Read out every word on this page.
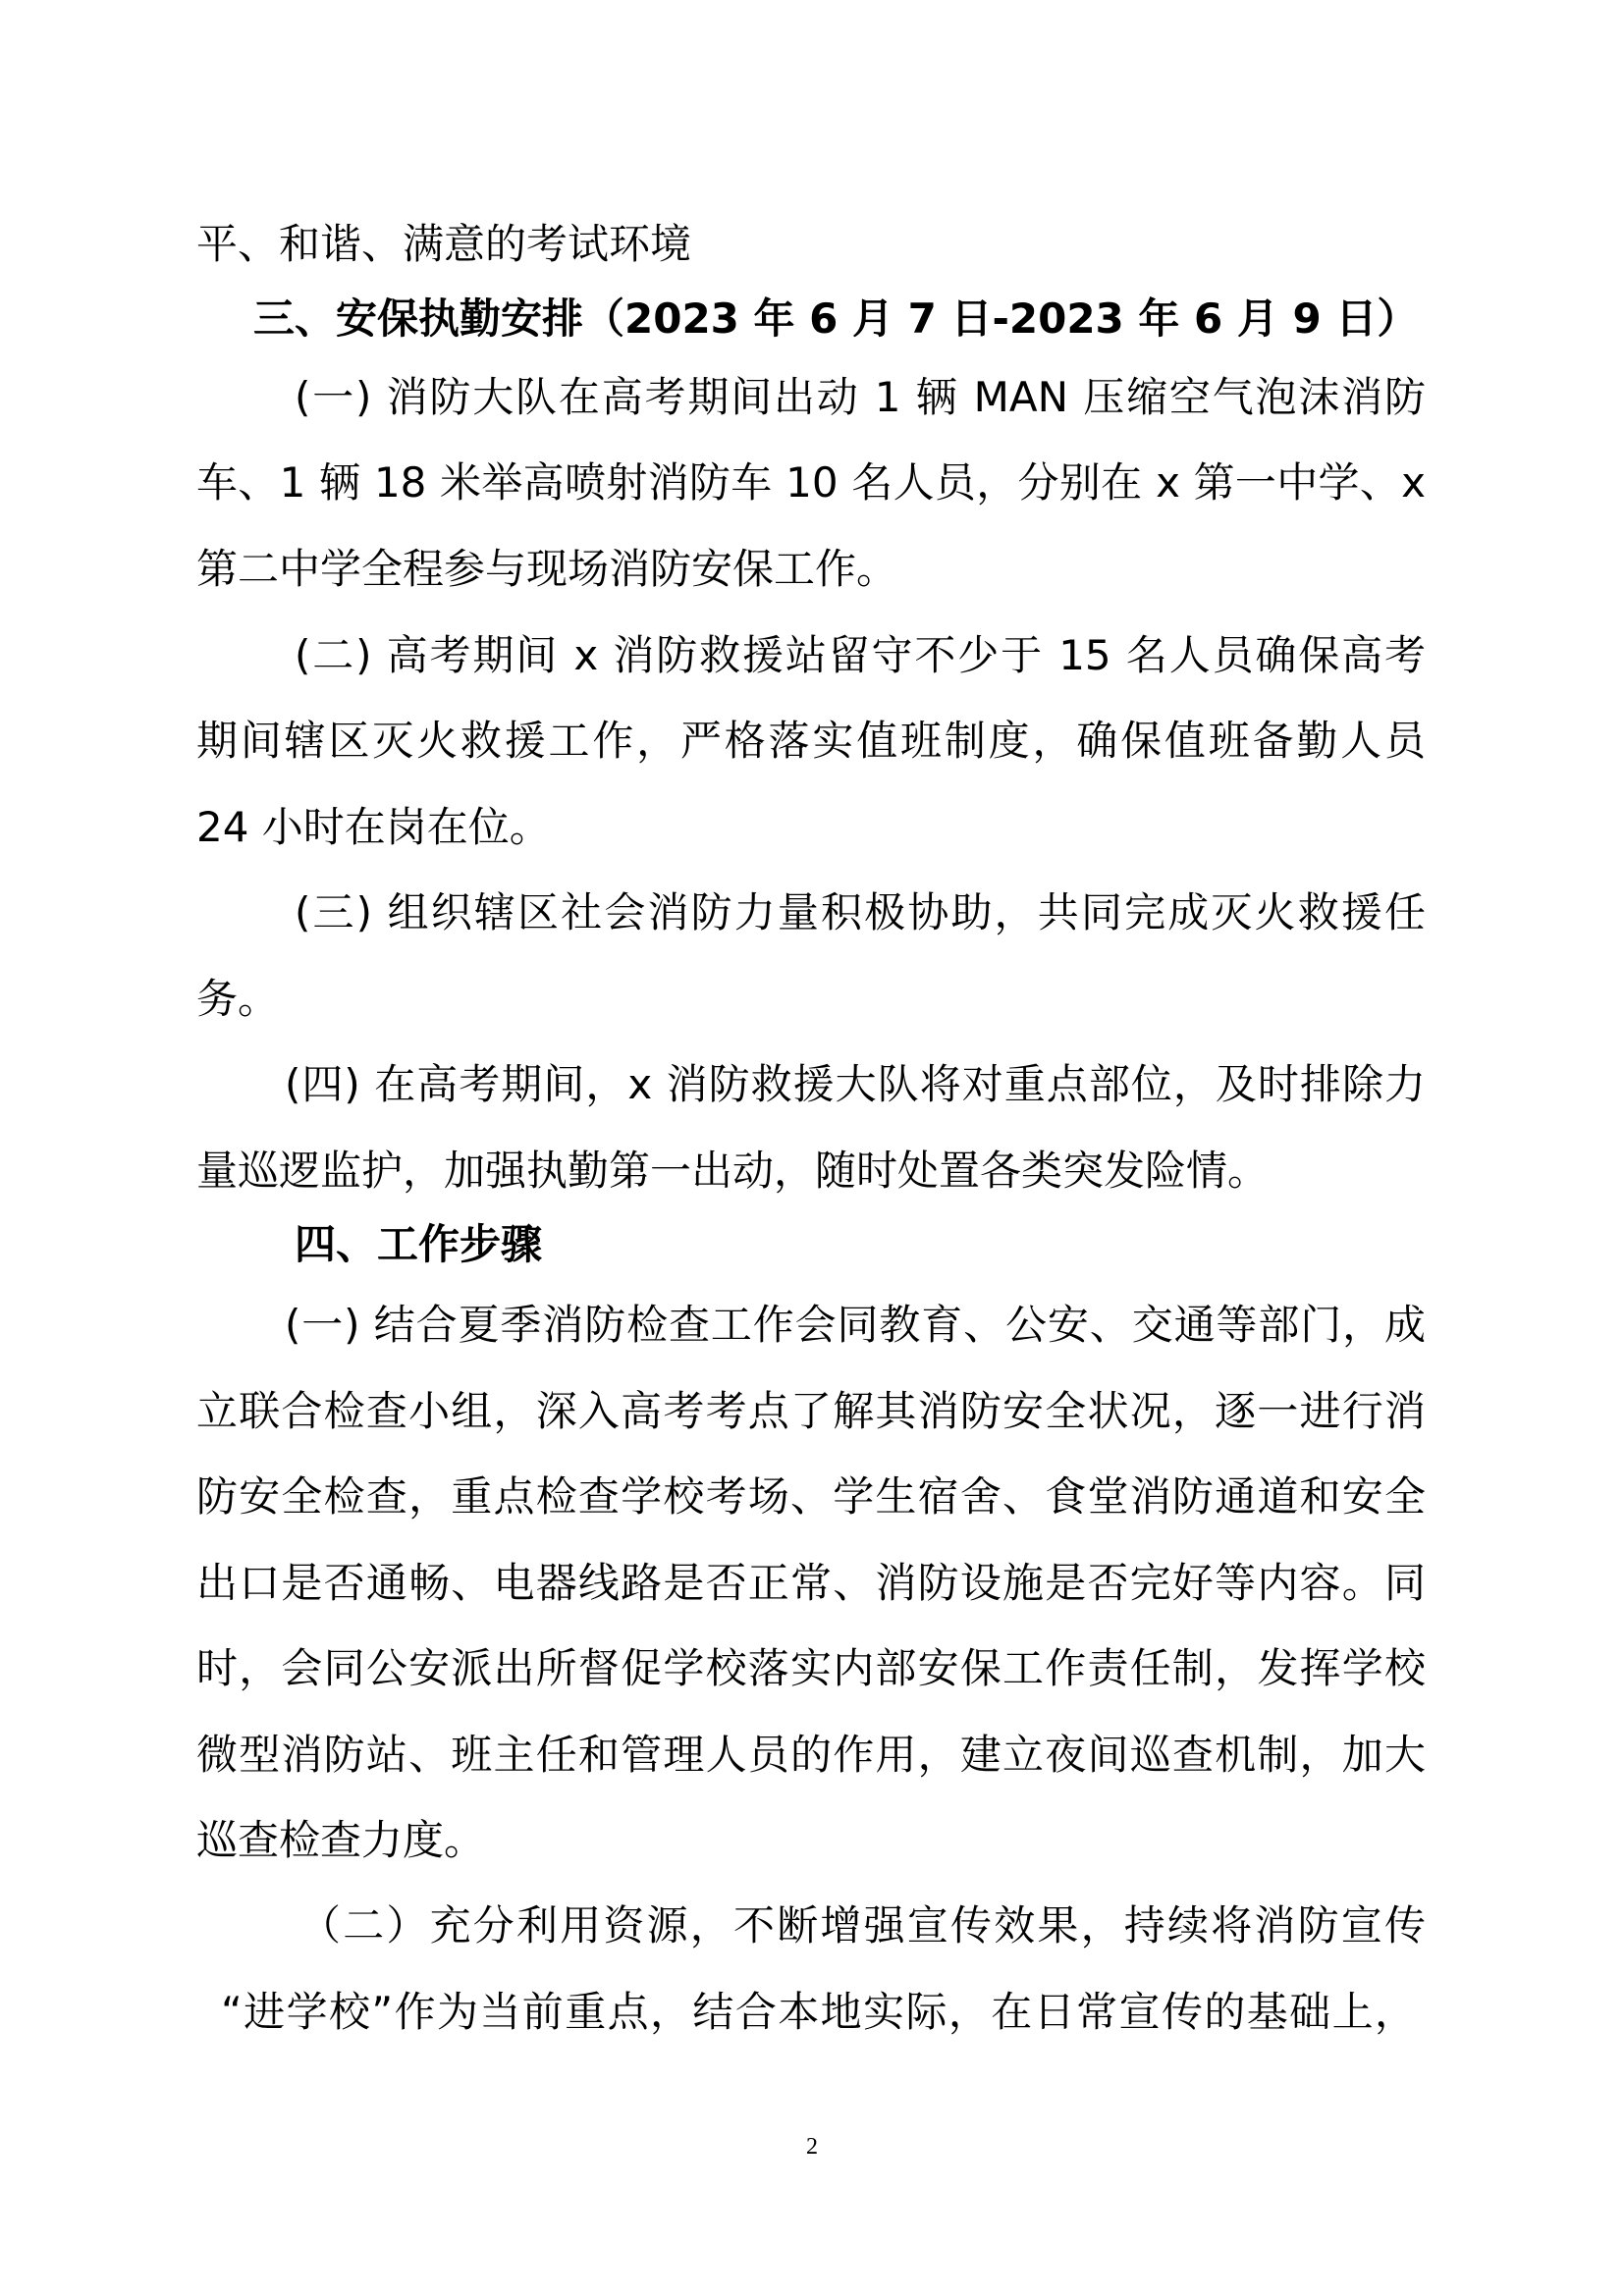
平、和谐、满意的考试环境
三、安保执勤安排（2023 年 6 月 7 日-2023 年 6 月 9 日）
(一) 消防大队在高考期间出动 1 辆 MAN 压缩空气泡沫消防
车、1 辆 18 米举高喷射消防车 10 名人员，分别在 x 第一中学、x
第二中学全程参与现场消防安保工作。
(二) 高考期间 x 消防救援站留守不少于 15 名人员确保高考
期间辖区灭火救援工作，严格落实值班制度，确保值班备勤人员
24 小时在岗在位。
(三) 组织辖区社会消防力量积极协助，共同完成灭火救援任
务。
(四) 在高考期间，x 消防救援大队将对重点部位，及时排除力
量巡逻监护，加强执勤第一出动，随时处置各类突发险情。
四、工作步骤
(一) 结合夏季消防检查工作会同教育、公安、交通等部门，成
立联合检查小组，深入高考考点了解其消防安全状况，逐一进行消
防安全检查，重点检查学校考场、学生宿舍、食堂消防通道和安全
出口是否通畅、电器线路是否正常、消防设施是否完好等内容。同
时，会同公安派出所督促学校落实内部安保工作责任制，发挥学校
微型消防站、班主任和管理人员的作用，建立夜间巡查机制，加大
巡查检查力度。
（二）充分利用资源，不断增强宣传效果，持续将消防宣传
“进学校”作为当前重点，结合本地实际，在日常宣传的基础上，
2
